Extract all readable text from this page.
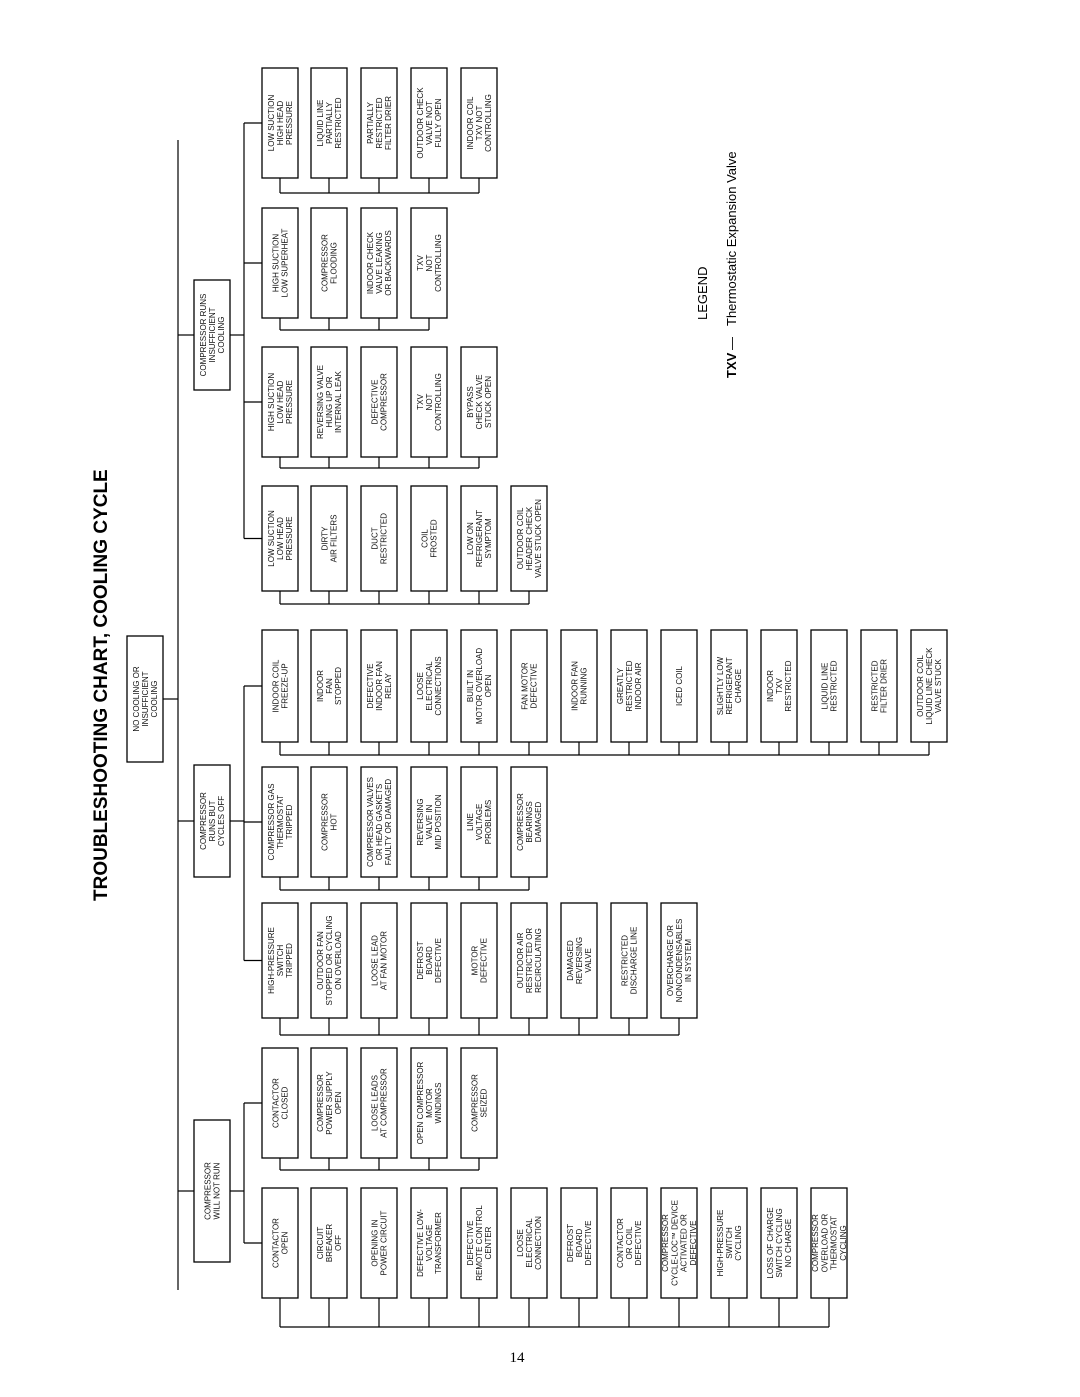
NO COOLING ORINSUFFICIENTCOOLING
COMPRESSORWILL NOT RUN
CONTACTOROPEN	CIRCUITBREAKEROFF	OPENING INPOWER CIRCUIT	DEFECTIVE LOW-VOLTAGETRANSFORMER	DEFECTIVEREMOTE CONTROLCENTER	LOOSEELECTRICALCONNECTION	DEFROSTBOARDDEFECTIVE	CONTACTOROR COILDEFECTIVE COMPRESSORCYCLE-LOC™ DEVICEACTIVATED ORDEFECTIVE HIGH-PRESSURESWITCHCYCLING	LOSS OF CHARGESWITCH CYCLINGNO CHARGE COMPRESSOROVERLOAD ORTHERMOSTATCYCLING
CONTACTORCLOSED	COMPRESSORPOWER SUPPLYOPEN	LOOSE LEADSAT COMPRESSOR	OPEN COMPRESSORMOTORWINDINGS	COMPRESSORSEIZED
COMPRESSORRUNS BUTCYCLES OFF
HIGH-PRESSURESWITCHTRIPPED	OUTDOOR FANSTOPPED OR CYCLINGON OVERLOAD	LOOSE LEADAT FAN MOTOR	DEFROSTBOARDDEFECTIVE	MOTORDEFECTIVE	OUTDOOR AIRRESTRICTED ORRECIRCULATING	DAMAGEDREVERSINGVALVE	RESTRICTEDDISCHARGE LINE	OVERCHARGE ORNONCONDENSABLESIN SYSTEM
COMPRESSOR GASTHERMOSTATTRIPPED	COMPRESSORHOT	COMPRESSOR VALVESOR HEAD GASKETSFAULTY OR DAMAGED	REVERSINGVALVE INMID POSITION	LINEVOLTAGEPROBLEMS	COMPRESSORBEARINGSDAMAGED
INDOOR COILFREEZE-UP	INDOORFANSTOPPED	DEFECTIVEINDOOR FANRELAY	LOOSEELECTRICALCONNECTIONS	BUILT INMOTOR OVERLOADOPEN	FAN MOTORDEFECTIVE	INDOOR FANRUNNING	GREATLYRESTRICTEDINDOOR AIR	ICED COIL	SLIGHTLY LOWREFRIGERANTCHARGE	INDOORTXVRESTRICTED	LIQUID LINERESTRICTED	RESTRICTEDFILTER DRIER	OUTDOOR COILLIQUID LINE CHECKVALVE STUCK
COMPRESSOR RUNSINSUFFICIENTCOOLING
LOW SUCTIONLOW HEADPRESSURE	DIRTYAIR FILTERS	DUCTRESTRICTED	COILFROSTED	LOW ONREFRIGERANTSYMPTOM	OUTDOOR COILHEADER CHECKVALVE STUCK OPEN
HIGH SUCTIONLOW HEADPRESSURE	REVERSING VALVEHUNG UP ORINTERNAL LEAK	DEFECTIVECOMPRESSOR	TXVNOTCONTROLLING	BYPASSCHECK VALVESTUCK OPEN
HIGH SUCTIONLOW SUPERHEAT	COMPRESSORFLOODING	INDOOR CHECKVALVE LEAKINGOR BACKWARDS	TXVNOTCONTROLLING
LOW SUCTIONHIGH HEADPRESSURE	LIQUID LINEPARTIALLYRESTRICTED	PARTIALLYRESTRICTEDFILTER DRIER	OUTDOOR CHECKVALVE NOTFULLY OPEN	INDOOR COILTXV NOTCONTROLLING
TROUBLESHOOTING CHART, COOLING CYCLE
LEGEND
TXV
—
Thermostatic Expansion Valve
14
